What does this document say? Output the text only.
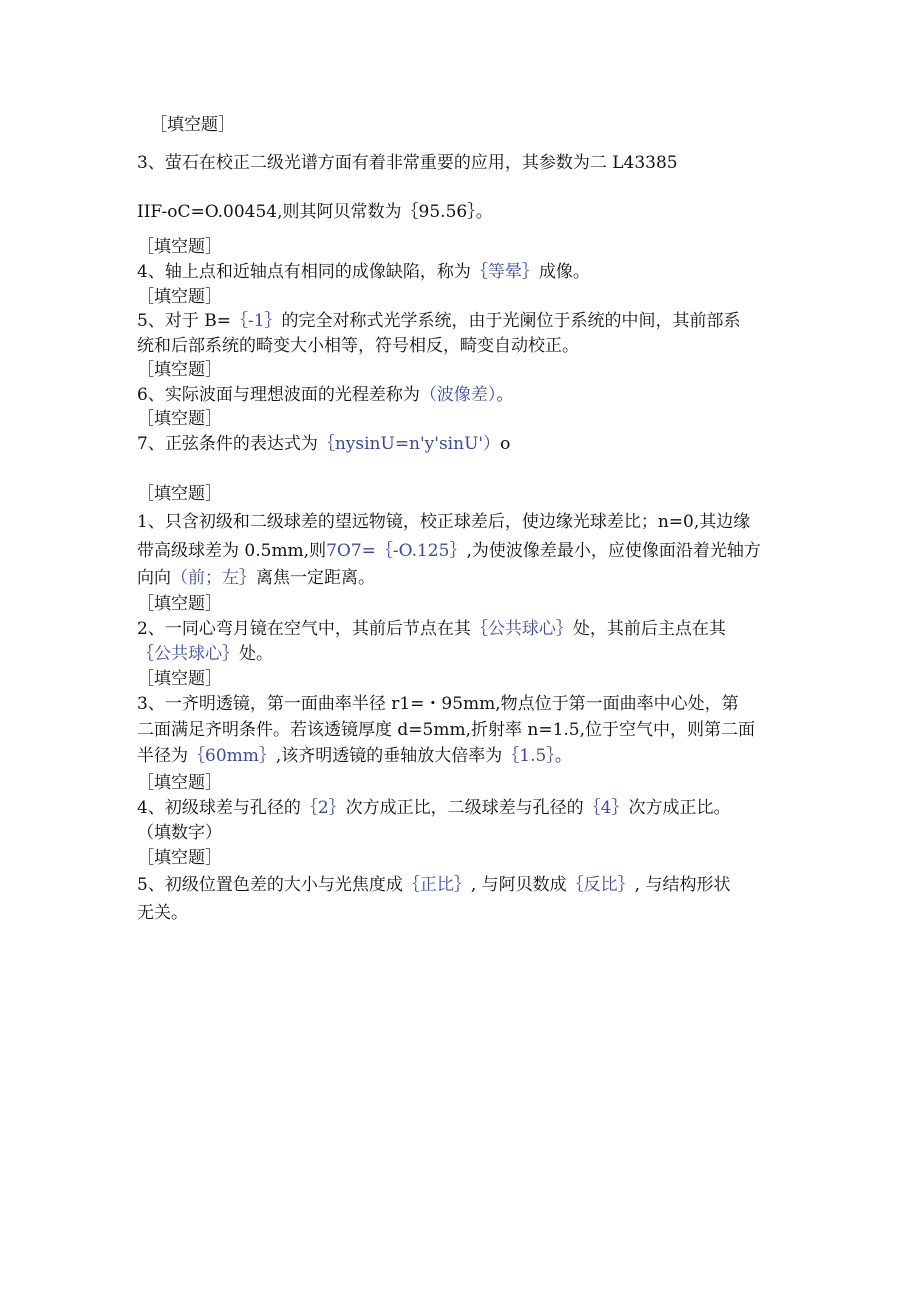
［填空题］
3、萤石在校正二级光谱方面有着非常重要的应用，其参数为二 L43385
IIF-oC=O.00454,则其阿贝常数为｛95.56｝。
［填空题］
4、轴上点和近轴点有相同的成像缺陷，称为｛等晕｝成像。
［填空题］
5、对于 B=｛-1｝的完全对称式光学系统，由于光阑位于系统的中间，其前部系
统和后部系统的畸变大小相等，符号相反，畸变自动校正。
［填空题］
6、实际波面与理想波面的光程差称为（波像差）。
［填空题］
7、正弦条件的表达式为｛nysinU=n'y'sinU'）o
［填空题］
1、只含初级和二级球差的望远物镜，校正球差后，使边缘光球差比；n=0,其边缘
带高级球差为 0.5mm,则7O7=｛-O.125｝,为使波像差最小，应使像面沿着光轴方
向向（前；左｝离焦一定距离。
［填空题］
2、一同心弯月镜在空气中，其前后节点在其｛公共球心｝处，其前后主点在其
｛公共球心｝处。
［填空题］
3、一齐明透镜，第一面曲率半径 r1=・95mm,物点位于第一面曲率中心处，第
二面满足齐明条件。若该透镜厚度 d=5mm,折射率 n=1.5,位于空气中，则第二面
半径为｛60mm｝,该齐明透镜的垂轴放大倍率为｛1.5｝。
［填空题］
4、初级球差与孔径的｛2｝次方成正比，二级球差与孔径的｛4｝次方成正比。
（填数字）
［填空题］
5、初级位置色差的大小与光焦度成｛正比｝, 与阿贝数成｛反比｝, 与结构形状
无关。
